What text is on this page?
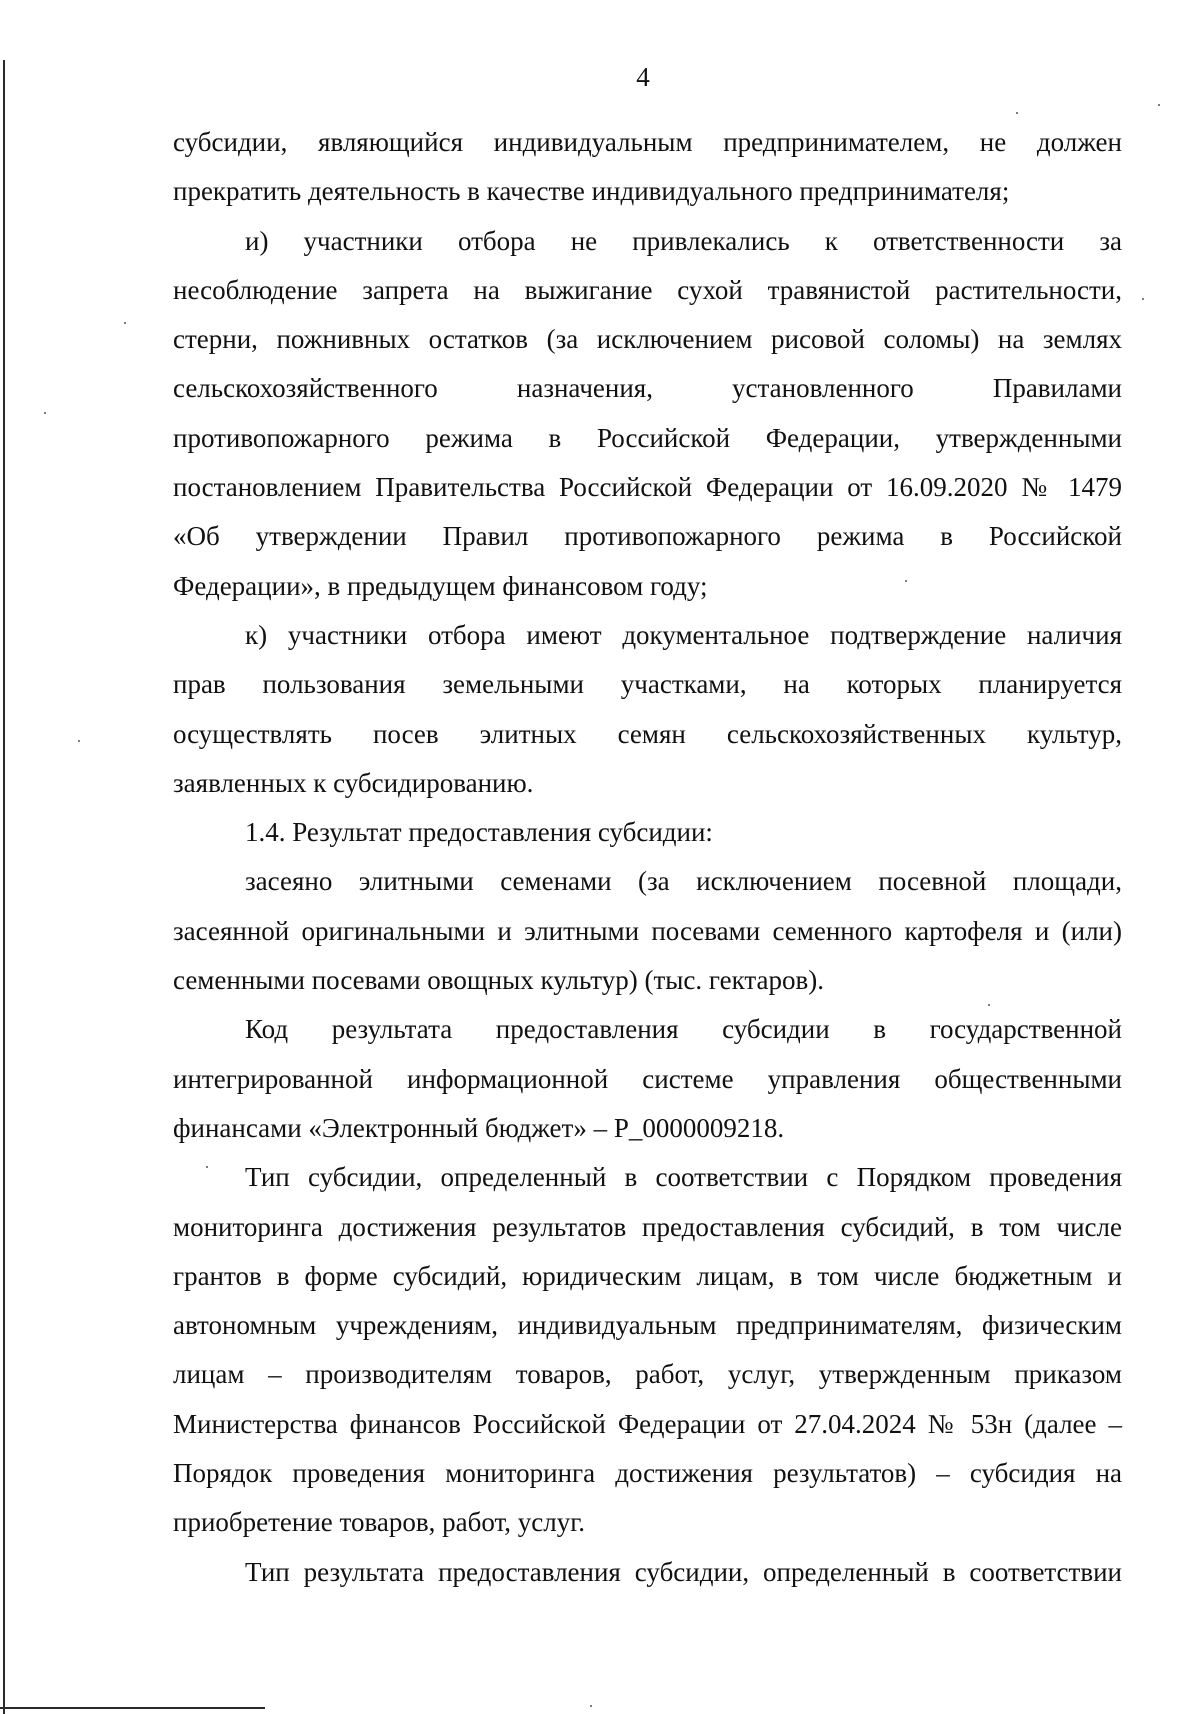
4
субсидии, являющийся индивидуальным предпринимателем, не должен
прекратить деятельность в качестве индивидуального предпринимателя;
и) участники отбора не привлекались к ответственности за
несоблюдение запрета на выжигание сухой травянистой растительности,
стерни, пожнивных остатков (за исключением рисовой соломы) на землях
сельскохозяйственного назначения, установленного Правилами
противопожарного режима в Российской Федерации, утвержденными
постановлением Правительства Российской Федерации от 16.09.2020 № 1479
«Об утверждении Правил противопожарного режима в Российской
Федерации», в предыдущем финансовом году;
к) участники отбора имеют документальное подтверждение наличия
прав пользования земельными участками, на которых планируется
осуществлять посев элитных семян сельскохозяйственных культур,
заявленных к субсидированию.
1.4. Результат предоставления субсидии:
засеяно элитными семенами (за исключением посевной площади,
засеянной оригинальными и элитными посевами семенного картофеля и (или)
семенными посевами овощных культур) (тыс. гектаров).
Код результата предоставления субсидии в государственной
интегрированной информационной системе управления общественными
финансами «Электронный бюджет» – P_0000009218.
Тип субсидии, определенный в соответствии с Порядком проведения
мониторинга достижения результатов предоставления субсидий, в том числе
грантов в форме субсидий, юридическим лицам, в том числе бюджетным и
автономным учреждениям, индивидуальным предпринимателям, физическим
лицам – производителям товаров, работ, услуг, утвержденным приказом
Министерства финансов Российской Федерации от 27.04.2024 № 53н (далее –
Порядок проведения мониторинга достижения результатов) – субсидия на
приобретение товаров, работ, услуг.
Тип результата предоставления субсидии, определенный в соответствии
